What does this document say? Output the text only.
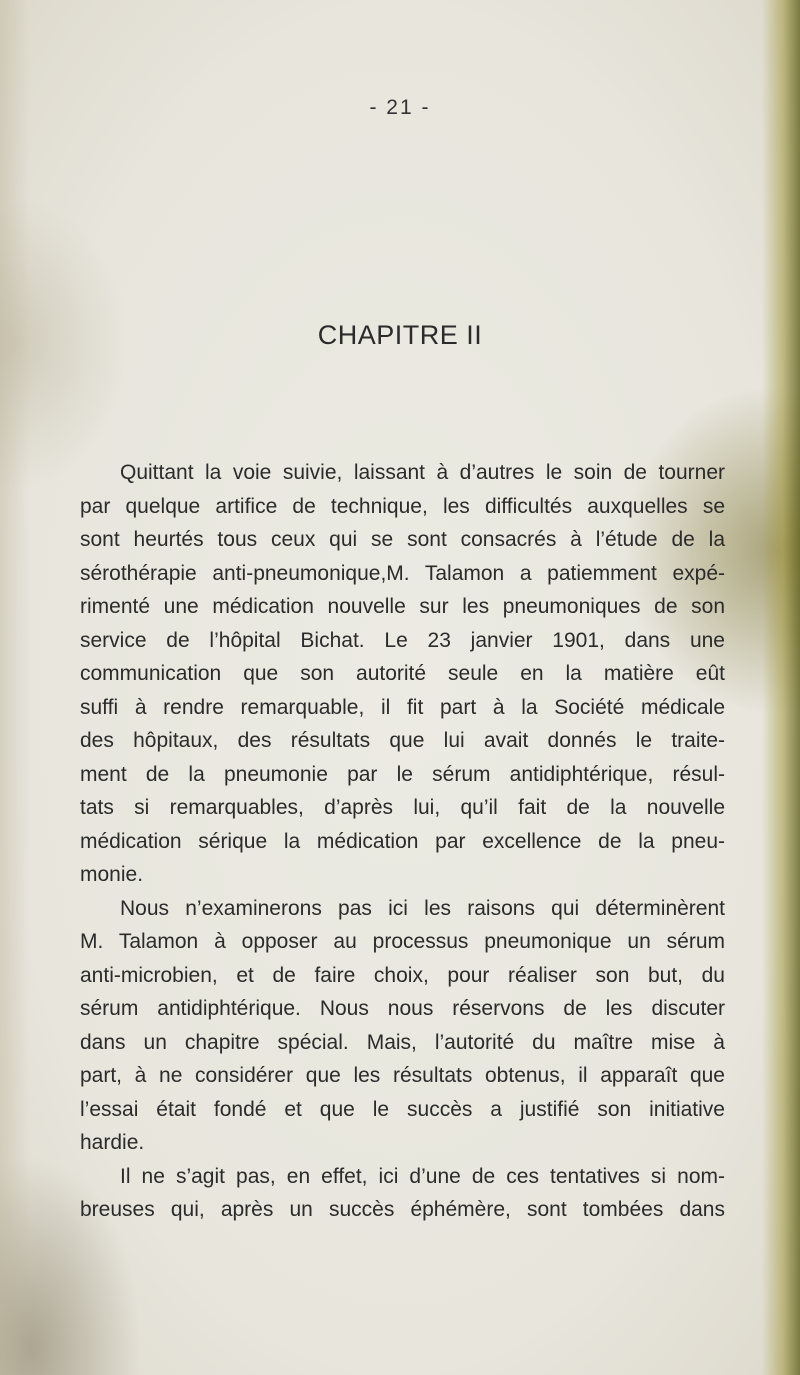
- 21 -
CHAPITRE II
Quittant la voie suivie, laissant à d’autres le soin de tourner
par quelque artifice de technique, les difficultés auxquelles se
sont heurtés tous ceux qui se sont consacrés à l’étude de la
sérothérapie anti-pneumonique,M. Talamon a patiemment expé-
rimenté une médication nouvelle sur les pneumoniques de son
service de l’hôpital Bichat. Le 23 janvier 1901, dans une
communication que son autorité seule en la matière eût
suffi à rendre remarquable, il fit part à la Société médicale
des hôpitaux, des résultats que lui avait donnés le traite-
ment de la pneumonie par le sérum antidiphtérique, résul-
tats si remarquables, d’après lui, qu’il fait de la nouvelle
médication sérique la médication par excellence de la pneu-
monie.
Nous n’examinerons pas ici les raisons qui déterminèrent
M. Talamon à opposer au processus pneumonique un sérum
anti-microbien, et de faire choix, pour réaliser son but, du
sérum antidiphtérique. Nous nous réservons de les discuter
dans un chapitre spécial. Mais, l’autorité du maître mise à
part, à ne considérer que les résultats obtenus, il apparaît que
l’essai était fondé et que le succès a justifié son initiative
hardie.
Il ne s’agit pas, en effet, ici d’une de ces tentatives si nom-
breuses qui, après un succès éphémère, sont tombées dans
